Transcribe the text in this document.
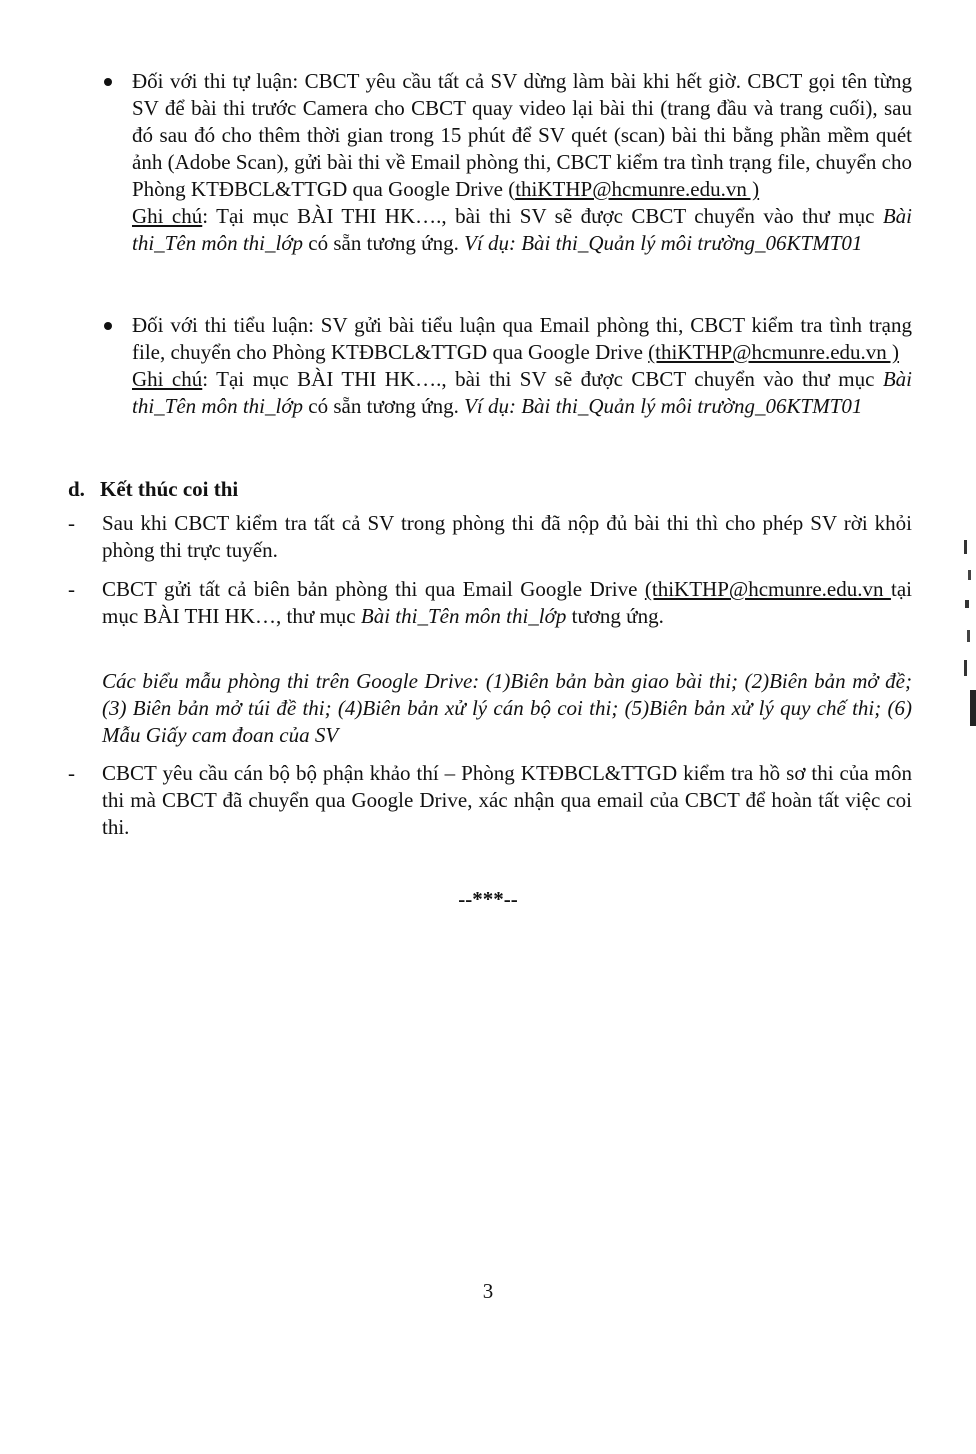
Đối với thi tự luận: CBCT yêu cầu tất cả SV dừng làm bài khi hết giờ. CBCT gọi tên từng SV để bài thi trước Camera cho CBCT quay video lại bài thi (trang đầu và trang cuối), sau đó sau đó cho thêm thời gian trong 15 phút để SV quét (scan) bài thi bằng phần mềm quét ảnh (Adobe Scan), gửi bài thi về Email phòng thi, CBCT kiểm tra tình trạng file, chuyển cho Phòng KTĐBCL&TTGD qua Google Drive (thiKTHP@hcmunre.edu.vn )
Ghi chú: Tại mục BÀI THI HK…., bài thi SV sẽ được CBCT chuyển vào thư mục Bài thi_Tên môn thi_lớp có sẵn tương ứng. Ví dụ: Bài thi_Quản lý môi trường_06KTMT01
Đối với thi tiểu luận: SV gửi bài tiểu luận qua Email phòng thi, CBCT kiểm tra tình trạng file, chuyển cho Phòng KTĐBCL&TTGD qua Google Drive (thiKTHP@hcmunre.edu.vn )
Ghi chú: Tại mục BÀI THI HK…., bài thi SV sẽ được CBCT chuyển vào thư mục Bài thi_Tên môn thi_lớp có sẵn tương ứng. Ví dụ: Bài thi_Quản lý môi trường_06KTMT01
d. Kết thúc coi thi
- Sau khi CBCT kiểm tra tất cả SV trong phòng thi đã nộp đủ bài thi thì cho phép SV rời khỏi phòng thi trực tuyến.
- CBCT gửi tất cả biên bản phòng thi qua Email Google Drive (thiKTHP@hcmunre.edu.vn tại mục BÀI THI HK…, thư mục Bài thi_Tên môn thi_lớp tương ứng.
Các biểu mẫu phòng thi trên Google Drive: (1)Biên bản bàn giao bài thi; (2)Biên bản mở đề; (3) Biên bản mở túi đề thi; (4)Biên bản xử lý cán bộ coi thi; (5)Biên bản xử lý quy chế thi; (6) Mẫu Giấy cam đoan của SV
- CBCT yêu cầu cán bộ bộ phận khảo thí – Phòng KTĐBCL&TTGD kiểm tra hồ sơ thi của môn thi mà CBCT đã chuyển qua Google Drive, xác nhận qua email của CBCT để hoàn tất việc coi thi.
--***--
3
